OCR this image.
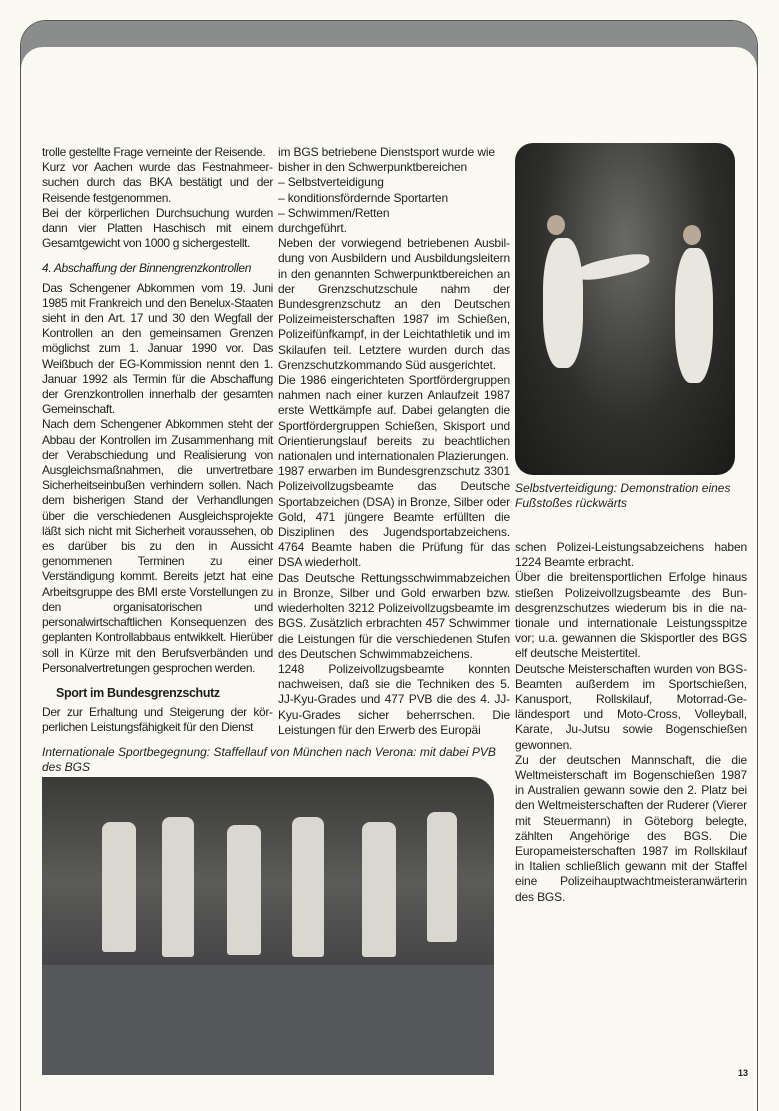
trolle gestellte Frage verneinte der Reisende.

Kurz vor Aachen wurde das Festnahmeersuchen durch das BKA bestätigt und der Reisende festgenommen.

Bei der körperlichen Durchsuchung wurden dann vier Platten Haschisch mit einem Gesamtgewicht von 1000 g sichergestellt.

4. Abschaffung der Binnengrenzkontrollen

Das Schengener Abkommen vom 19. Juni 1985 mit Frankreich und den Benelux-Staaten sieht in den Art. 17 und 30 den Wegfall der Kontrollen an den gemeinsamen Grenzen möglichst zum 1. Januar 1990 vor. Das Weißbuch der EG-Kommission nennt den 1. Januar 1992 als Termin für die Abschaffung der Grenzkontrollen innerhalb der gesamten Gemeinschaft.

Nach dem Schengener Abkommen steht der Abbau der Kontrollen im Zusammenhang mit der Verabschiedung und Realisierung von Ausgleichsmaßnahmen, die unvertretbare Sicherheitseinbußen verhindern sollen. Nach dem bisherigen Stand der Verhandlungen über die verschiedenen Ausgleichsprojekte läßt sich nicht mit Sicherheit voraussehen, ob es darüber bis zu den in Aussicht genommenen Terminen zu einer Verständigung kommt. Bereits jetzt hat eine Arbeitsgruppe des BMI erste Vorstellungen zu den organisatorischen und personalwirtschaftlichen Konsequenzen des geplanten Kontrollabbaus entwikkelt. Hierüber soll in Kürze mit den Berufsverbänden und Personalvertretungen gesprochen werden.

Sport im Bundesgrenzschutz

Der zur Erhaltung und Steigerung der körperlichen Leistungsfähigkeit für den Dienst

im BGS betriebene Dienstsport wurde wie bisher in den Schwerpunktbereichen

– Selbstverteidigung

– konditionsfördernde Sportarten

– Schwimmen/Retten

durchgeführt.

Neben der vorwiegend betriebenen Ausbildung von Ausbildern und Ausbildungsleitern in den genannten Schwerpunktbereichen an der Grenzschutzschule nahm der Bundesgrenzschutz an den Deutschen Polizeimeisterschaften 1987 im Schießen, Polizeifünfkampf, in der Leichtathletik und im Skilaufen teil. Letztere wurden durch das Grenzschutzkommando Süd ausgerichtet.

Die 1986 eingerichteten Sportfördergruppen nahmen nach einer kurzen Anlaufzeit 1987 erste Wettkämpfe auf. Dabei gelangten die Sportfördergruppen Schießen, Skisport und Orientierungslauf bereits zu beachtlichen nationalen und internationalen Plazierungen.

1987 erwarben im Bundesgrenzschutz 3301 Polizeivollzugsbeamte das Deutsche Sportabzeichen (DSA) in Bronze, Silber oder Gold, 471 jüngere Beamte erfüllten die Disziplinen des Jugendsportabzeichens. 4764 Beamte haben die Prüfung für das DSA wiederholt.

Das Deutsche Rettungsschwimmabzeichen in Bronze, Silber und Gold erwarben bzw. wiederholten 3212 Polizeivollzugsbeamte im BGS. Zusätzlich erbrachten 457 Schwimmer die Leistungen für die verschiedenen Stufen des Deutschen Schwimmabzeichens.

1248 Polizeivollzugsbeamte konnten nachweisen, daß sie die Techniken des 5. JJ-Kyu-Grades und 477 PVB die des 4. JJ-Kyu-Grades sicher beherrschen. Die Leistungen für den Erwerb des Europäi

Selbstverteidigung: Demonstration eines Fußstoßes rückwärts

schen Polizei-Leistungsabzeichens haben 1224 Beamte erbracht.

Über die breitensportlichen Erfolge hinaus stießen Polizeivollzugsbeamte des Bundesgrenzschutzes wiederum bis in die nationale und internationale Leistungsspitze vor; u.a. gewannen die Skisportler des BGS elf deutsche Meistertitel.

Deutsche Meisterschaften wurden von BGS-Beamten außerdem im Sportschießen, Kanusport, Rollskilauf, Motorrad-Geländesport und Moto-Cross, Volleyball, Karate, Ju-Jutsu sowie Bogenschießen gewonnen.

Zu der deutschen Mannschaft, die die Weltmeisterschaft im Bogenschießen 1987 in Australien gewann sowie den 2. Platz bei den Weltmeisterschaften der Ruderer (Vierer mit Steuermann) in Göteborg belegte, zählten Angehörige des BGS. Die Europameisterschaften 1987 im Rollskilauf in Italien schließlich gewann mit der Staffel eine Polizeihauptwachtmeisteranwärterin des BGS.

Internationale Sportbegegnung: Staffellauf von München nach Verona: mit dabei PVB des BGS
13
